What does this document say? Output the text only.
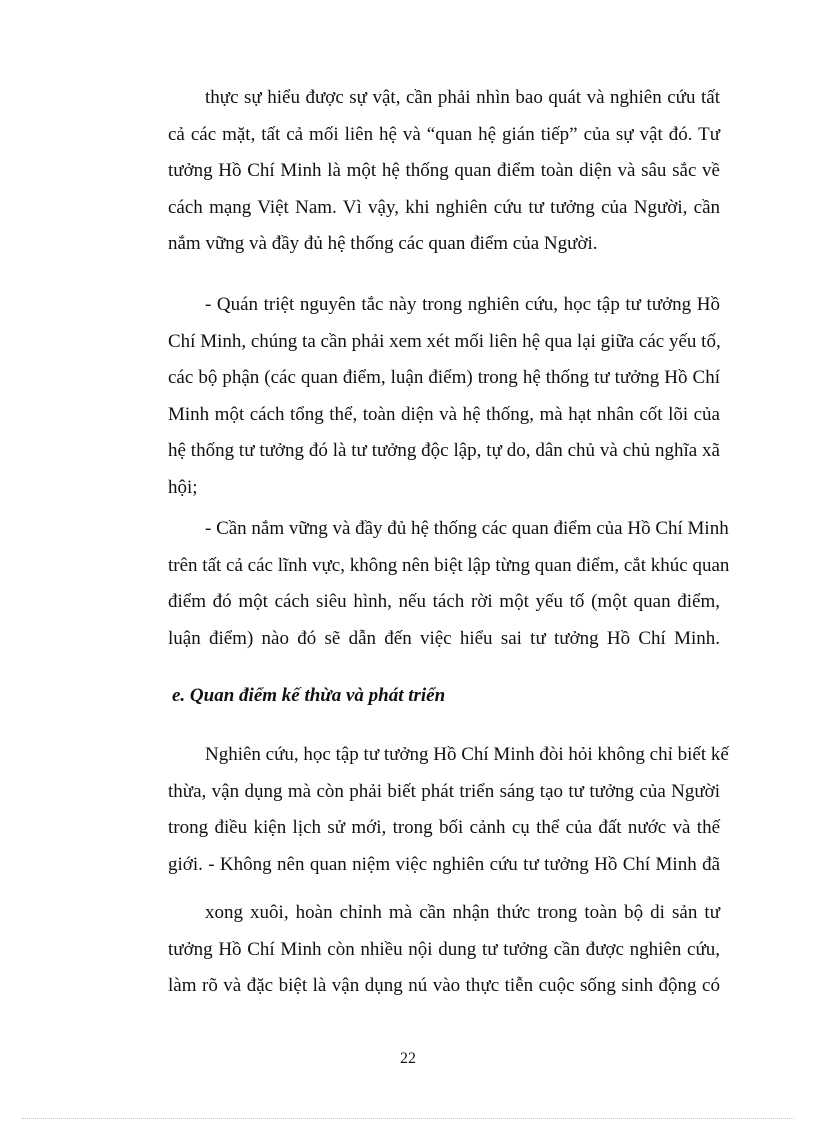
thực sự hiểu được sự vật, cần phải nhìn bao quát và nghiên cứu tất
cả các mặt, tất cả mối liên hệ và “quan hệ gián tiếp” của sự vật đó. Tư
tưởng Hồ Chí Minh là một hệ thống quan điểm toàn diện và sâu sắc về
cách mạng Việt Nam. Vì vậy, khi nghiên cứu tư tưởng của Người, cần
nắm vững và đầy đủ hệ thống các quan điểm của Người.
- Quán triệt nguyên tắc này trong nghiên cứu, học tập tư tưởng Hồ
Chí Minh, chúng ta cần phải xem xét mối liên hệ qua lại giữa các yếu tố,
các bộ phận (các quan điểm, luận điểm) trong hệ thống tư tưởng Hồ Chí
Minh một cách tổng thể, toàn diện và hệ thống, mà hạt nhân cốt lõi của
hệ thống tư tưởng đó là tư tưởng độc lập, tự do, dân chủ và chủ nghĩa xã
hội;
- Cần nắm vững và đầy đủ hệ thống các quan điểm của Hồ Chí Minh
trên tất cả các lĩnh vực, không nên biệt lập từng quan điểm, cắt khúc quan
điểm đó một cách siêu hình, nếu tách rời một yếu tố (một quan điểm,
luận điểm) nào đó sẽ dẫn đến việc hiểu sai tư tưởng Hồ Chí Minh.

e. Quan điểm kế thừa và phát triển

Nghiên cứu, học tập tư tưởng Hồ Chí Minh đòi hỏi không chỉ biết kế
thừa, vận dụng mà còn phải biết phát triển sáng tạo tư tưởng của Người
trong điều kiện lịch sử mới, trong bối cảnh cụ thể của đất nước và thế
giới. - Không nên quan niệm việc nghiên cứu tư tưởng Hồ Chí Minh đã
xong xuôi, hoàn chỉnh mà cần nhận thức trong toàn bộ di sản tư
tưởng Hồ Chí Minh còn nhiều nội dung tư tưởng cần được nghiên cứu,
làm rõ và đặc biệt là vận dụng nú vào thực tiễn cuộc sống sinh động có

22
